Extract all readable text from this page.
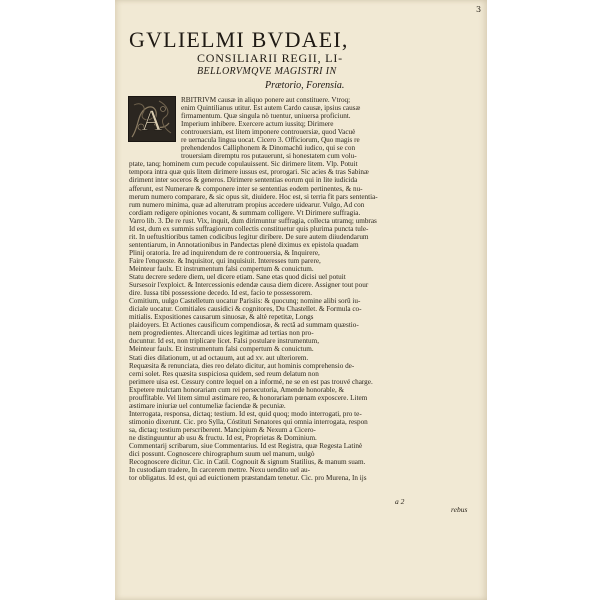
3
GVLIELMI BVDAEI,
CONSILIARII REGII, LI-
BELLORVMQVE MAGISTRI IN
Prætorio, Forensia.
RBITRIVM causæ in aliquo ponere aut constituere. Vtroq;
enim Quintilianus utitur. Est autem Cardo causæ, ipsius causæ
firmamentum. Quæ singula nò tuentur, uniuersa proficiunt.
Imperium inhibere. Exercere actum iussitq; Dirimere
controuersiam, est litem imponere controuersiæ, quod Vacuè
re uernacula lingua uocat. Cicero 3. Officiorum, Quo magis re
prehendendos Calliphonem & Dinomachû iudico, qui se con
trouersiam diremptu ros putauerunt, si honestatem cum volu-
ptate, tanq; hominem cum pecude copulauissent. Sic dirimere litem. Vlp. Potuit
tempora intra quæ quis litem dirimere iussus est, prorogari. Sic acies & tras Sabinæ
diriment inter soceros & generos. Dirimere sententias eorum qui in lite iudicida
afferunt, est Numerare & componere inter se sententias eodem pertinentes, & nu-
merum numero comparare, & sic opus sit, diuidere. Hoc est, si terria fit pars sententia-
rum numero minima, quæ ad alterutram propius accedere uidearur. Vulgo, Ad con
cordiam redigere opiniones vocant, & summam colligere. Vt Dirimere suffragia.
Varro lib. 3. De re rust. Vix, inquit, dum dirimuntur suffragia, collecta utramq; umbras
Id est, dum ex summis suffragiorum collectis constituetur quis plurima puncta tule-
rit. In ueftusltioribus tamen codicibus legitur diribere. De sure autem diiudendarum
sententiarum, in Annotationibus in Pandectas plenè diximus ex epistola quadam
Plinij oratoria. Ire ad inquirendum de re controuersia, & Inquirere,
Faire l'enqueste. & Inquisitor, qui inquisiuit. Interesses tum parere,
Meinteur faulx. Et instrumentum falsi compertum & conuictum.
Statu decrere sedere diem, uel dicere etiam. Sane etas quod dicisi uel potuit
Sursesoir l'exploict. & Intercessionis edendæ causa diem dicere. Assigner tout pour
dire. Iussa tibi possessione decedo. Id est, facio te possessorem.
Comitium, uulgo Castelletum uocatur Parisiis: & quocunq; nomine alibi sorū iu-
diciale uocatur. Comitiales causidici & cognitores, Du Chastellet. & Formula co-
mitialis. Expositiones causarum sinuosæ, & altè repetitæ, Longs
plaidoyers. Et Actiones causificum compendiosæ, & rectâ ad summam quæstio-
nem progredientes. Altercandi uices legitimæ ad tertias non pro-
ducuntur. Id est, non triplicare licet. Falsi postulare instrumentum,
Meinteur faulx. Et instrumentum falsi compertum & conuictum.
Stati dies dilationum, ut ad octauum, aut ad xv. aut ulteriorem.
Requæsita & renunciata, dies reo delato dicitur, aut hominis comprehensio de-
cerni solet. Res quæsita suspiciosa quidem, sed reum delatum non
perimere uisa est. Cessury contre lequel on a informé, ne se en est pas trouvé charge.
Expetere mulctam honorariam cum rei persecutoria, Amende honorable, &
prouffitable. Vel litem simul æstimare reo, & honorariam pœnam exposcere. Litem
æstimare iniuriæ uel contumeliæ faciendæ & pecuniæ.
Interrogata, responsa, dictaq; testium. Id est, quid quoq; modo interrogati, pro te-
stimonio dixerunt. Cic. pro Sylla, Cóstituti Senatores qui omnia interrogata, respon
sa, dictaq; testium perscriberent. Mancipium & Nexum a Cicero-
ne distinguuntur ab usu & fructu. Id est, Proprietas & Dominium.
Commentarij scribarum, siue Commentarius. Id est Registra, quæ Regesta Latinè
dici possunt. Cognoscere chirographum suum uel manum, uulgò
Recognoscere dicitur. Cic. in Catil. Cognouit & signum Statilius, & manum suam.
In custodiam tradere, In carcerem mettre. Nexu uendito uel au-
tor obligatus. Id est, qui ad euictionem præstandam tenetur. Cic. pro Murena, In ijs
A
a 2
rebus
